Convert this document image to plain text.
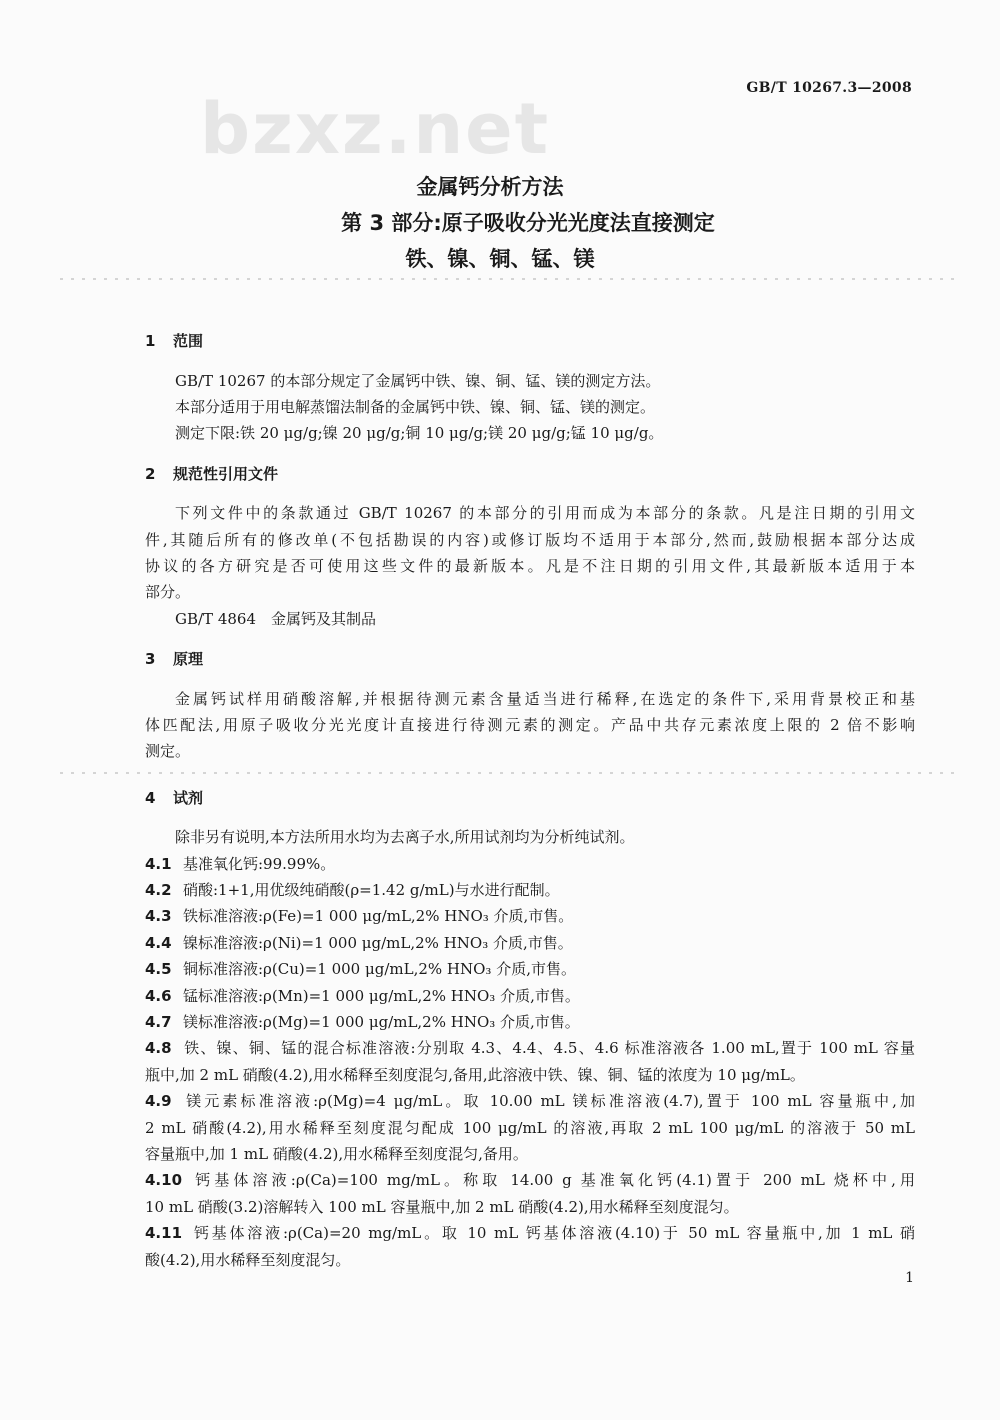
GB/T 10267.3—2008
bzxz.net
金属钙分析方法
第 3 部分:原子吸收分光光度法直接测定
铁、镍、铜、锰、镁
1 范围
GB/T 10267 的本部分规定了金属钙中铁、镍、铜、锰、镁的测定方法。
本部分适用于用电解蒸馏法制备的金属钙中铁、镍、铜、锰、镁的测定。
测定下限:铁 20 μg/g;镍 20 μg/g;铜 10 μg/g;镁 20 μg/g;锰 10 μg/g。
2 规范性引用文件
下列文件中的条款通过 GB/T 10267 的本部分的引用而成为本部分的条款。凡是注日期的引用文
件,其随后所有的修改单(不包括勘误的内容)或修订版均不适用于本部分,然而,鼓励根据本部分达成
协议的各方研究是否可使用这些文件的最新版本。凡是不注日期的引用文件,其最新版本适用于本
部分。
GB/T 4864　金属钙及其制品
3 原理
金属钙试样用硝酸溶解,并根据待测元素含量适当进行稀释,在选定的条件下,采用背景校正和基
体匹配法,用原子吸收分光光度计直接进行待测元素的测定。产品中共存元素浓度上限的 2 倍不影响
测定。
4 试剂
除非另有说明,本方法所用水均为去离子水,所用试剂均为分析纯试剂。
4.1 基准氧化钙:99.99%。
4.2 硝酸:1+1,用优级纯硝酸(ρ=1.42 g/mL)与水进行配制。
4.3 铁标准溶液:ρ(Fe)=1 000 μg/mL,2% HNO₃ 介质,市售。
4.4 镍标准溶液:ρ(Ni)=1 000 μg/mL,2% HNO₃ 介质,市售。
4.5 铜标准溶液:ρ(Cu)=1 000 μg/mL,2% HNO₃ 介质,市售。
4.6 锰标准溶液:ρ(Mn)=1 000 μg/mL,2% HNO₃ 介质,市售。
4.7 镁标准溶液:ρ(Mg)=1 000 μg/mL,2% HNO₃ 介质,市售。
4.8 铁、镍、铜、锰的混合标准溶液:分别取 4.3、4.4、4.5、4.6 标准溶液各 1.00 mL,置于 100 mL 容量
瓶中,加 2 mL 硝酸(4.2),用水稀释至刻度混匀,备用,此溶液中铁、镍、铜、锰的浓度为 10 μg/mL。
4.9 镁元素标准溶液:ρ(Mg)=4 μg/mL。取 10.00 mL 镁标准溶液(4.7),置于 100 mL 容量瓶中,加
2 mL 硝酸(4.2),用水稀释至刻度混匀配成 100 μg/mL 的溶液,再取 2 mL 100 μg/mL 的溶液于 50 mL
容量瓶中,加 1 mL 硝酸(4.2),用水稀释至刻度混匀,备用。
4.10 钙基体溶液:ρ(Ca)=100 mg/mL。称取 14.00 g 基准氧化钙(4.1)置于 200 mL 烧杯中,用
10 mL 硝酸(3.2)溶解转入 100 mL 容量瓶中,加 2 mL 硝酸(4.2),用水稀释至刻度混匀。
4.11 钙基体溶液:ρ(Ca)=20 mg/mL。取 10 mL 钙基体溶液(4.10)于 50 mL 容量瓶中,加 1 mL 硝
酸(4.2),用水稀释至刻度混匀。
1
